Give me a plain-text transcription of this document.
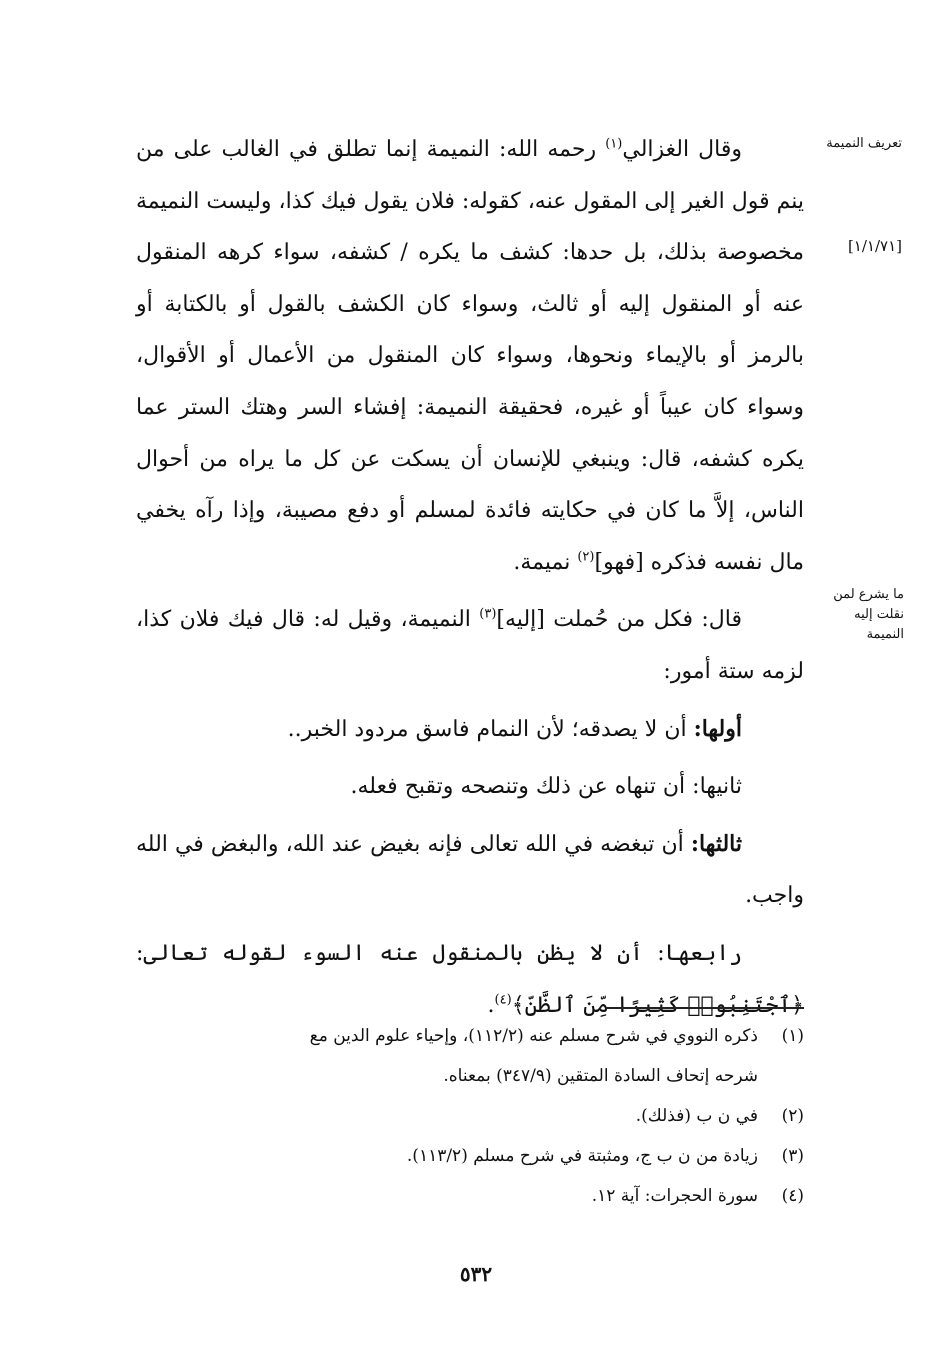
تعريف النميمة
[١/١/٧١]
ما يشرع لمن نقلت إليه النميمة

وقال الغزالي$^{(١)}$ رحمه الله: النميمة إنما تطلق في الغالب على من ينم قول الغير إلى المقول عنه، كقوله: فلان يقول فيك كذا، وليست النميمة مخصوصة بذلك، بل حدها: كشف ما يكره / كشفه، سواء كرهه المنقول عنه أو المنقول إليه أو ثالث، وسواء كان الكشف بالقول أو بالكتابة أو بالرمز أو بالإيماء ونحوها، وسواء كان المنقول من الأعمال أو الأقوال، وسواء كان عيباً أو غيره، فحقيقة النميمة: إفشاء السر وهتك الستر عما يكره كشفه، قال: وينبغي للإنسان أن يسكت عن كل ما يراه من أحوال الناس، إلاَّ ما كان في حكايته فائدة لمسلم أو دفع مصيبة، وإذا رآه يخفي مال نفسه فذكره [فهو]$^{(٢)}$ نميمة.

قال: فكل من حُملت [إليه]$^{(٣)}$ النميمة، وقيل له: قال فيك فلان كذا، لزمه ستة أمور:

أولها: أن لا يصدقه؛ لأن النمام فاسق مردود الخبر..

ثانيها: أن تنهاه عن ذلك وتنصحه وتقبح فعله.

ثالثها: أن تبغضه في الله تعالى فإنه بغيض عند الله، والبغض في الله واجب.

رابعها: أن لا يظن بالمنقول عنه السوء لقوله تعالى: ﴿ٱجْتَنِبُوا۟ كَثِيرًا مِّنَ ٱلظَّنِّ﴾$^{(٤)}$.

(١)ذكره النووي في شرح مسلم عنه (١١٢/٢)، وإحياء علوم الدين مع

شرحه إتحاف السادة المتقين (٣٤٧/٩) بمعناه.

(٢)في ن ب (فذلك).

(٣)زيادة من ن ب ج، ومثبتة في شرح مسلم (١١٣/٢).

(٤)سورة الحجرات: آية ١٢.

٥٣٢
